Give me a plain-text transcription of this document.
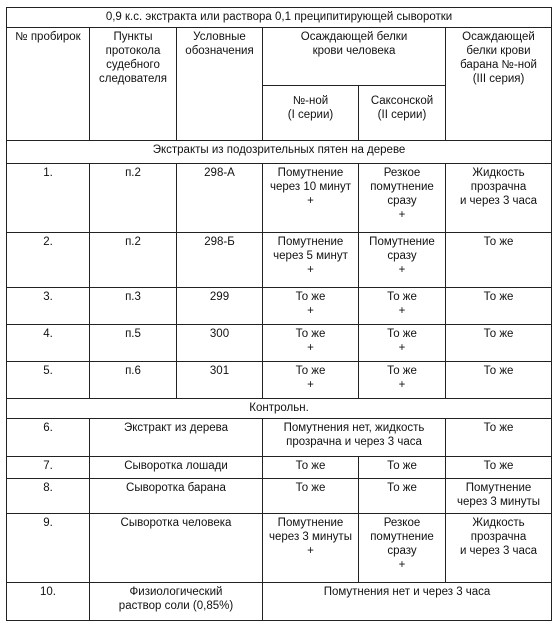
0,9 к.с. экстракта или раствора 0,1 преципитирующей сыворотки					

№ пробирок	Пункты
протокола
судебного
следователя	Условные
обозначения	Осаждающей белки
крови человека		Осаждающей
белки крови
барана №-ной
(III серия)

			№-ной
(I серии)	Саксонской
(II серии)	

Экстракты из подозрительных пятен на дереве					
1.	п.2	298-А	Помутнение
через 10 минут
+	Резкое
помутнение
сразу
+	Жидкость
прозрачна
и через 3 часа

2.	п.2	298-Б	Помутнение
через 5 минут
+	Помутнение
сразу
+	То же
3.	п.3	299	То же
+	То же
+	То же
4.	п.5	300	То же
+	То же
+	То же
5.	п.6	301	То же
+	То же
+	То же
Контрольн.					
6.	Экстракт из дерева		Помутнения нет, жидкость
прозрачна и через 3 часа		То же
7.	Сыворотка лошади		То же	То же	То же
8.	Сыворотка барана		То же	То же	Помутнение
через 3 минуты

9.	Сыворотка человека		Помутнение
через 3 минуты
+	Резкое
помутнение
сразу
+	Жидкость
прозрачна
и через 3 часа

10.	Физиологический
раствор соли (0,85%)		Помутнения нет и через 3 часа		
